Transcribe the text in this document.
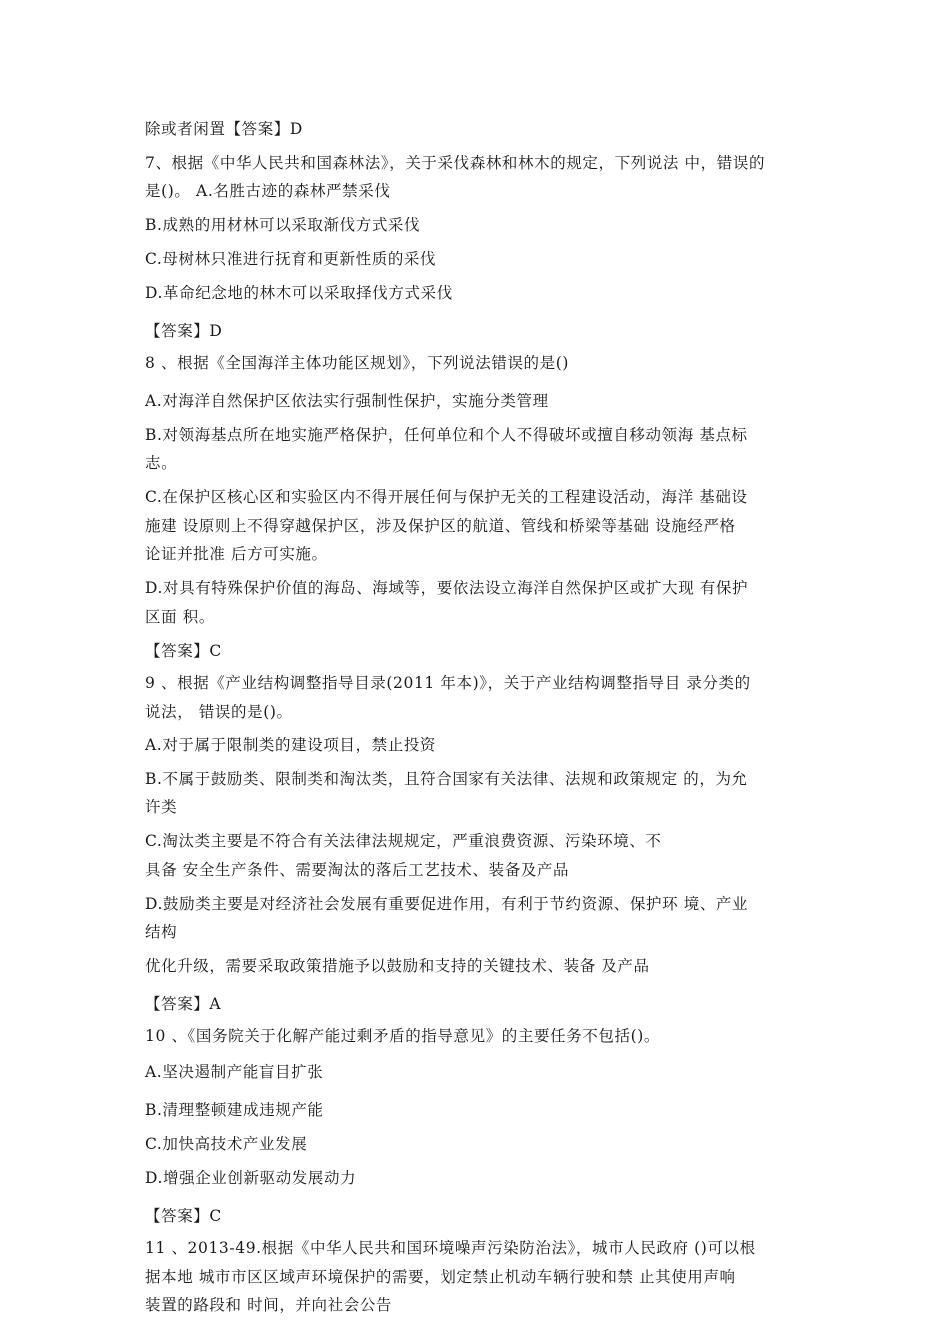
除或者闲置【答案】D
7、根据《中华人民共和国森林法》，关于采伐森林和林木的规定，下列说法 中，错误的
是()。 A.名胜古迹的森林严禁采伐
B.成熟的用材林可以采取渐伐方式采伐
C.母树林只准进行抚育和更新性质的采伐
D.革命纪念地的林木可以采取择伐方式采伐
【答案】D
8 、根据《全国海洋主体功能区规划》，下列说法错误的是()
A.对海洋自然保护区依法实行强制性保护，实施分类管理
B.对领海基点所在地实施严格保护，任何单位和个人不得破坏或擅自移动领海 基点标
志。
C.在保护区核心区和实验区内不得开展任何与保护无关的工程建设活动，海洋 基础设
施建 设原则上不得穿越保护区，涉及保护区的航道、管线和桥梁等基础 设施经严格
论证并批准 后方可实施。
D.对具有特殊保护价值的海岛、海域等，要依法设立海洋自然保护区或扩大现 有保护
区面 积。
【答案】C
9 、根据《产业结构调整指导目录(2011 年本)》，关于产业结构调整指导目 录分类的
说法， 错误的是()。
A.对于属于限制类的建设项目，禁止投资
B.不属于鼓励类、限制类和淘汰类，且符合国家有关法律、法规和政策规定 的，为允
许类
C.淘汰类主要是不符合有关法律法规规定，严重浪费资源、污染环境、不
具备 安全生产条件、需要淘汰的落后工艺技术、装备及产品
D.鼓励类主要是对经济社会发展有重要促进作用，有利于节约资源、保护环 境、产业
结构
优化升级，需要采取政策措施予以鼓励和支持的关键技术、装备 及产品
【答案】A
10 、《国务院关于化解产能过剩矛盾的指导意见》的主要任务不包括()。
A.坚决遏制产能盲目扩张
B.清理整顿建成违规产能
C.加快高技术产业发展
D.增强企业创新驱动发展动力
【答案】C
11 、2013-49.根据《中华人民共和国环境噪声污染防治法》，城市人民政府 ()可以根
据本地 城市市区区域声环境保护的需要，划定禁止机动车辆行驶和禁 止其使用声响
装置的路段和 时间，并向社会公告
